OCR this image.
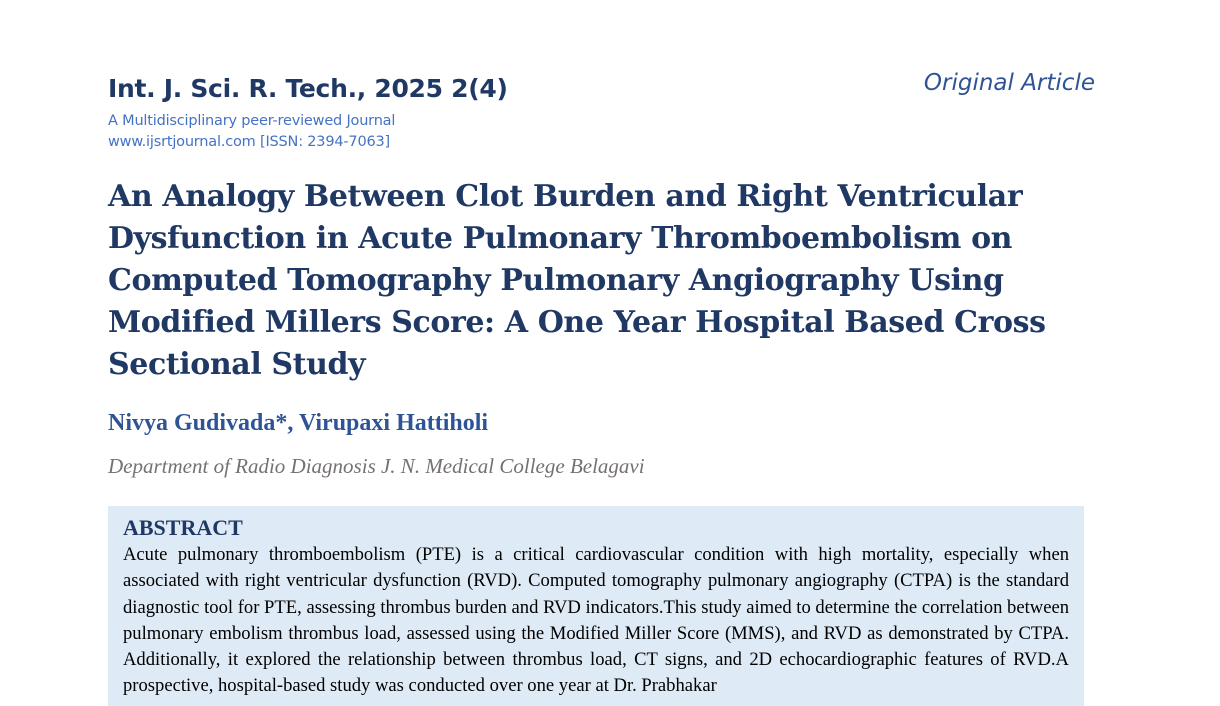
Int. J. Sci. R. Tech., 2025 2(4)	Original Article
A Multidisciplinary peer-reviewed Journal
www.ijsrtjournal.com [ISSN: 2394-7063]
An Analogy Between Clot Burden and Right Ventricular Dysfunction in Acute Pulmonary Thromboembolism on Computed Tomography Pulmonary Angiography Using Modified Millers Score: A One Year Hospital Based Cross Sectional Study
Nivya Gudivada*, Virupaxi Hattiholi
Department of Radio Diagnosis J. N. Medical College Belagavi
ABSTRACT

Acute pulmonary thromboembolism (PTE) is a critical cardiovascular condition with high mortality, especially when associated with right ventricular dysfunction (RVD). Computed tomography pulmonary angiography (CTPA) is the standard diagnostic tool for PTE, assessing thrombus burden and RVD indicators.This study aimed to determine the correlation between pulmonary embolism thrombus load, assessed using the Modified Miller Score (MMS), and RVD as demonstrated by CTPA. Additionally, it explored the relationship between thrombus load, CT signs, and 2D echocardiographic features of RVD.A prospective, hospital-based study was conducted over one year at Dr. Prabhakar
